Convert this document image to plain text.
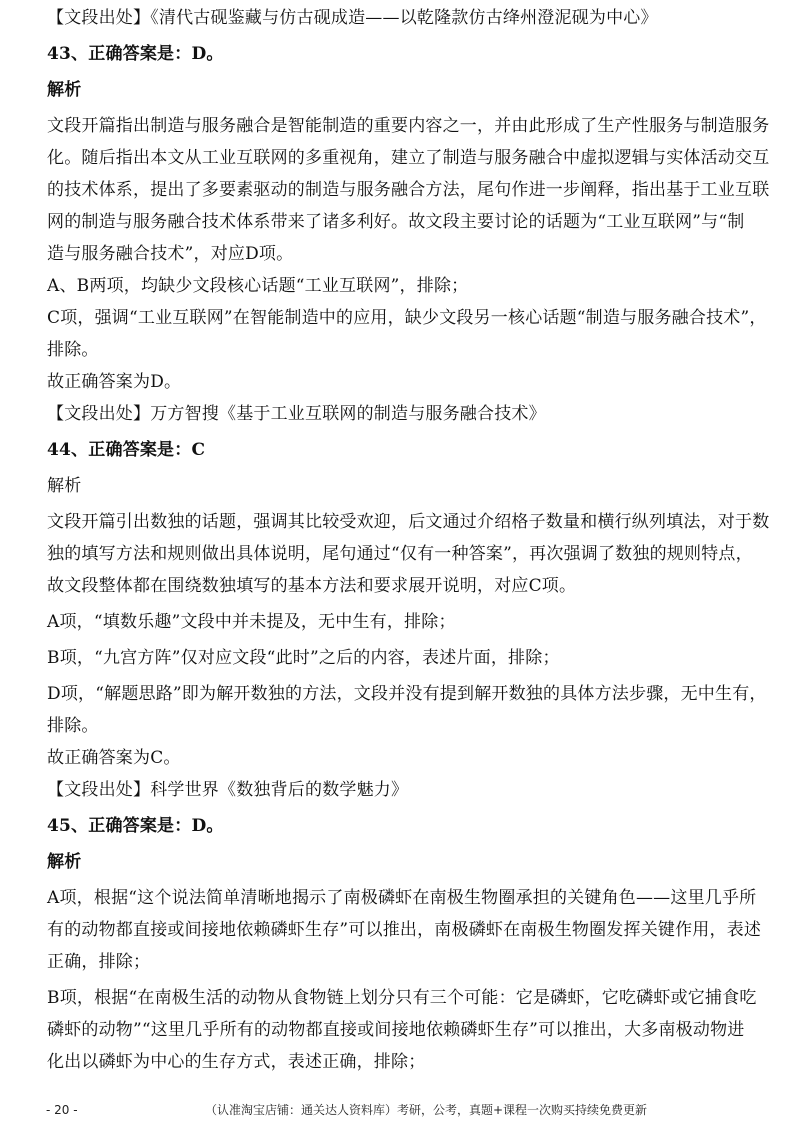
【文段出处】《清代古砚鉴藏与仿古砚成造——以乾隆款仿古绛州澄泥砚为中心》
43、正确答案是：D。
解析
文段开篇指出制造与服务融合是智能制造的重要内容之一，并由此形成了生产性服务与制造服务
化。随后指出本文从工业互联网的多重视角，建立了制造与服务融合中虚拟逻辑与实体活动交互
的技术体系，提出了多要素驱动的制造与服务融合方法，尾句作进一步阐释，指出基于工业互联
网的制造与服务融合技术体系带来了诸多利好。故文段主要讨论的话题为“工业互联网”与“制
造与服务融合技术”，对应D项。
A、B两项，均缺少文段核心话题“工业互联网”，排除；
C项，强调“工业互联网”在智能制造中的应用，缺少文段另一核心话题“制造与服务融合技术”，
排除。
故正确答案为D。
【文段出处】万方智搜《基于工业互联网的制造与服务融合技术》
44、正确答案是：C
解析
文段开篇引出数独的话题，强调其比较受欢迎，后文通过介绍格子数量和横行纵列填法，对于数
独的填写方法和规则做出具体说明，尾句通过“仅有一种答案”，再次强调了数独的规则特点，
故文段整体都在围绕数独填写的基本方法和要求展开说明，对应C项。
A项，“填数乐趣”文段中并未提及，无中生有，排除；
B项，“九宫方阵”仅对应文段“此时”之后的内容，表述片面，排除；
D项，“解题思路”即为解开数独的方法，文段并没有提到解开数独的具体方法步骤，无中生有，
排除。
故正确答案为C。
【文段出处】科学世界《数独背后的数学魅力》
45、正确答案是：D。
解析
A项，根据“这个说法简单清晰地揭示了南极磷虾在南极生物圈承担的关键角色——这里几乎所
有的动物都直接或间接地依赖磷虾生存”可以推出，南极磷虾在南极生物圈发挥关键作用，表述
正确，排除；
B项，根据“在南极生活的动物从食物链上划分只有三个可能：它是磷虾，它吃磷虾或它捕食吃
磷虾的动物”“这里几乎所有的动物都直接或间接地依赖磷虾生存”可以推出，大多南极动物进
化出以磷虾为中心的生存方式，表述正确，排除；
- 20 -	（认准淘宝店铺：通关达人资料库）考研，公考，真题+课程一次购买持续免费更新
